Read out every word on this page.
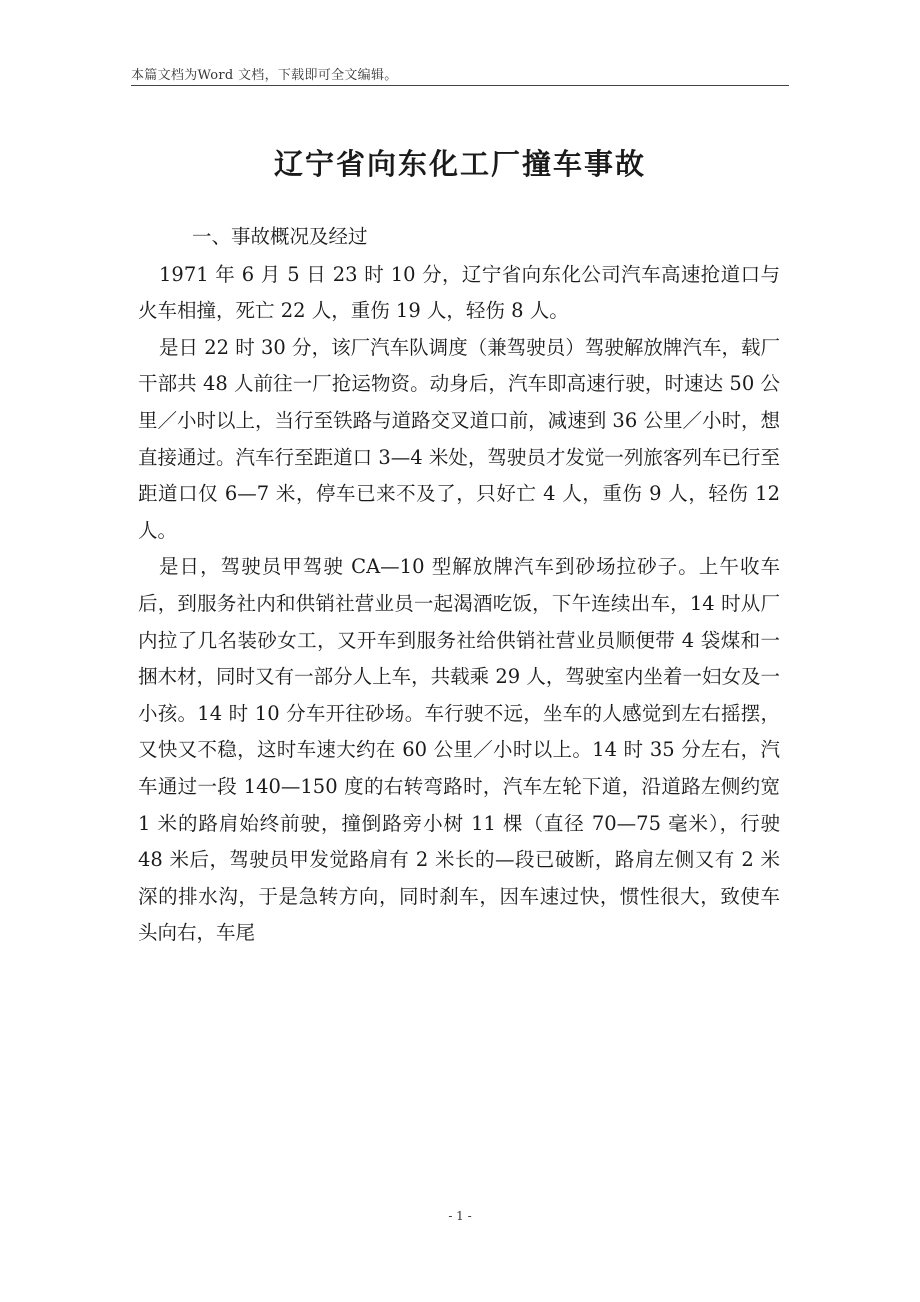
本篇文档为Word 文档，下载即可全文编辑。
辽宁省向东化工厂撞车事故

一、事故概况及经过

1971 年 6 月 5 日 23 时 10 分，辽宁省向东化公司汽车高速抢道口与火车相撞，死亡 22 人，重伤 19 人，轻伤 8 人。

是日 22 时 30 分，该厂汽车队调度（兼驾驶员）驾驶解放牌汽车，载厂干部共 48 人前往一厂抢运物资。动身后，汽车即高速行驶，时速达 50 公里／小时以上，当行至铁路与道路交叉道口前，减速到 36 公里／小时，想直接通过。汽车行至距道口 3—4 米处，驾驶员才发觉一列旅客列车已行至距道口仅 6—7 米，停车已来不及了，只好亡 4 人，重伤 9 人，轻伤 12 人。

是日，驾驶员甲驾驶 CA—10 型解放牌汽车到砂场拉砂子。上午收车后，到服务社内和供销社营业员一起渴酒吃饭，下午连续出车，14 时从厂内拉了几名装砂女工，又开车到服务社给供销社营业员顺便带 4 袋煤和一捆木材，同时又有一部分人上车，共载乘 29 人，驾驶室内坐着一妇女及一小孩。14 时 10 分车开往砂场。车行驶不远，坐车的人感觉到左右摇摆，又快又不稳，这时车速大约在 60 公里／小时以上。14 时 35 分左右，汽车通过一段 140—150 度的右转弯路时，汽车左轮下道，沿道路左侧约宽 1 米的路肩始终前驶，撞倒路旁小树 11 棵（直径 70—75 毫米），行驶 48 米后，驾驶员甲发觉路肩有 2 米长的—段已破断，路肩左侧又有 2 米深的排水沟，于是急转方向，同时刹车，因车速过快，惯性很大，致使车头向右，车尾

- 1 -
